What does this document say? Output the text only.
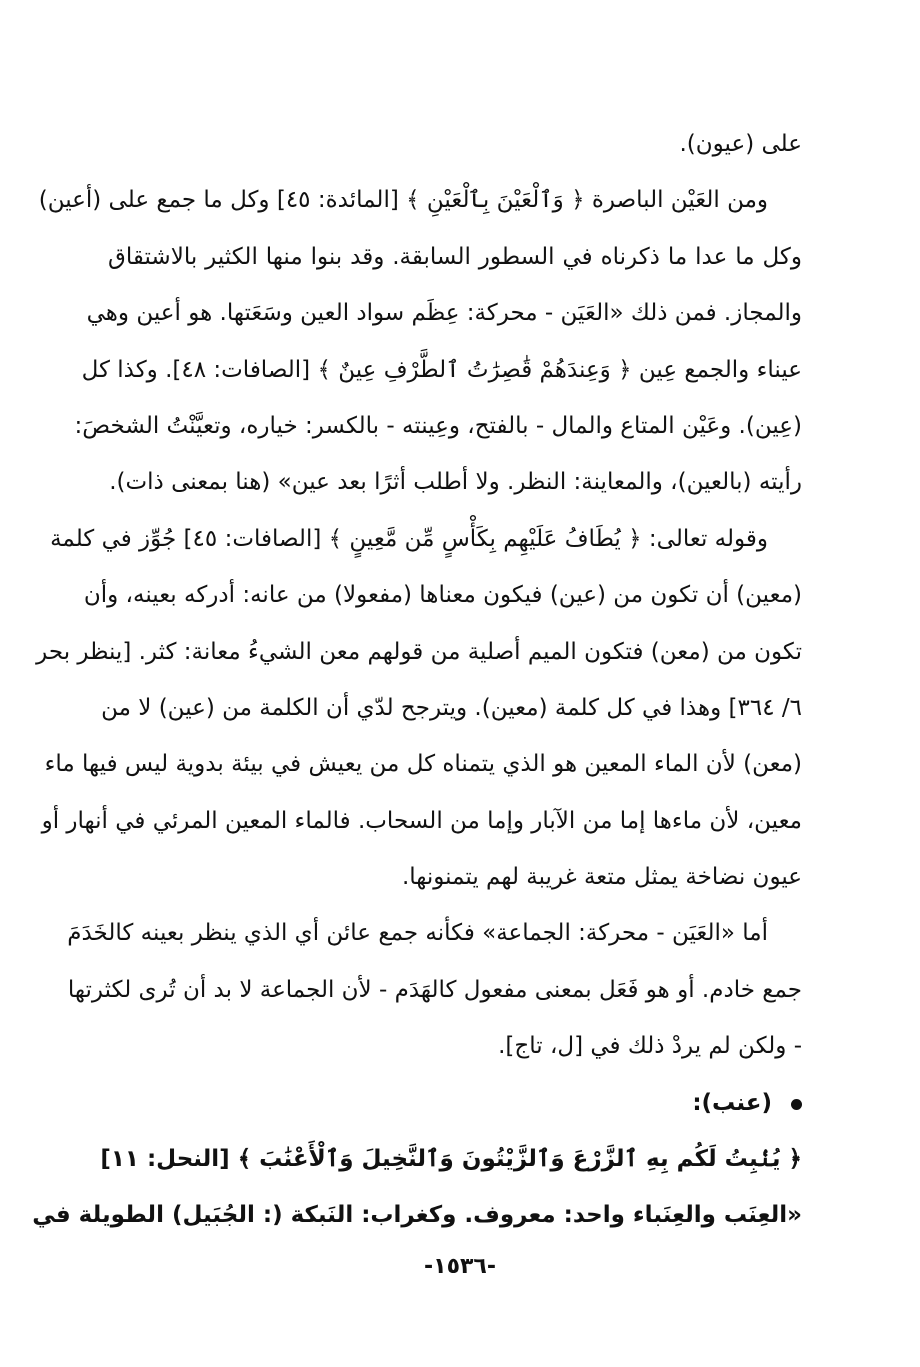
على (عيون).
ومن العَيْن الباصرة ﴿ وَٱلْعَيْنَ بِٱلْعَيْنِ ﴾ [المائدة: ٤٥] وكل ما جمع على (أعين)
وكل ما عدا ما ذكرناه في السطور السابقة. وقد بنوا منها الكثير بالاشتقاق
والمجاز. فمن ذلك «العَيَن - محركة: عِظَم سواد العين وسَعَتها. هو أعين وهي
عيناء والجمع عِين ﴿ وَعِندَهُمْ قَٰصِرَٰتُ ٱلطَّرْفِ عِينٌ ﴾ [الصافات: ٤٨]. وكذا كل
(عِين). وعَيْن المتاع والمال - بالفتح، وعِينته - بالكسر: خياره، وتعيَّنْتُ الشخصَ:
رأيته (بالعين)، والمعاينة: النظر. ولا أطلب أثرًا بعد عين» (هنا بمعنى ذات).
وقوله تعالى: ﴿ يُطَافُ عَلَيْهِم بِكَأْسٍ مِّن مَّعِينٍ ﴾ [الصافات: ٤٥] جُوِّز في كلمة
(معين) أن تكون من (عين) فيكون معناها (مفعولا) من عانه: أدركه بعينه، وأن
تكون من (معن) فتكون الميم أصلية من قولهم معن الشيءُ معانة: كثر. [ينظر بحر
٦/ ٣٦٤] وهذا في كل كلمة (معين). ويترجح لدّي أن الكلمة من (عين) لا من
(معن) لأن الماء المعين هو الذي يتمناه كل من يعيش في بيئة بدوية ليس فيها ماء
معين، لأن ماءها إما من الآبار وإما من السحاب. فالماء المعين المرئي في أنهار أو
عيون نضاخة يمثل متعة غريبة لهم يتمنونها.
أما «العَيَن - محركة: الجماعة» فكأنه جمع عائن أي الذي ينظر بعينه كالخَدَمَ
جمع خادم. أو هو فَعَل بمعنى مفعول كالهَدَم - لأن الجماعة لا بد أن تُرى لكثرتها
- ولكن لم يردْ ذلك في [ل، تاج].
(عنب):
﴿ يُنۢبِتُ لَكُم بِهِ ٱلزَّرْعَ وَٱلزَّيْتُونَ وَٱلنَّخِيلَ وَٱلْأَعْنَٰبَ ﴾ [النحل: ١١]
«العِنَب والعِنَباء واحد: معروف. وكغراب: النَبكة (: الجُبَيل) الطويلة في
-١٥٣٦-
